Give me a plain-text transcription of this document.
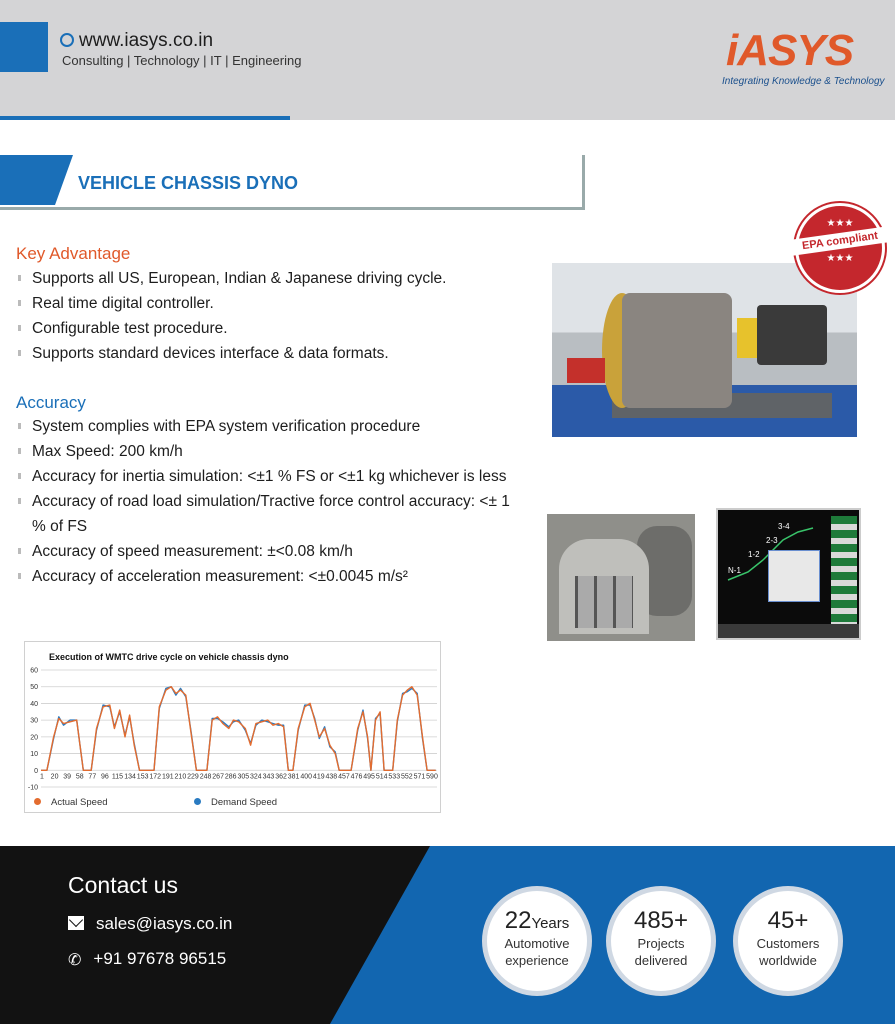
www.iasys.co.in
Consulting | Technology | IT | Engineering	iASYS
Integrating Knowledge & Technology
VEHICLE CHASSIS DYNO
Key Advantage
Supports all US, European, Indian & Japanese driving cycle.
Real time digital controller.
Configurable test procedure.
Supports standard devices interface & data formats.
Accuracy
System complies with EPA system verification procedure
Max Speed: 200 km/h
Accuracy for inertia simulation: <±1 % FS or <±1 kg whichever is less
Accuracy of road load simulation/Tractive force control accuracy: <± 1 % of FS
Accuracy of speed measurement: ±<0.08 km/h
Accuracy of acceleration measurement: <±0.0045 m/s²
★★★
EPA compliant
★★★
3-4
2-3
1-2
N-1
Execution of WMTC drive cycle on vehicle chassis dyno
-10
0
10
20
30
40
50
60
1 20 39 58 77 96 115 134 153 172 191 210 229 248 267 286 305 324 343 362 381 400 419 438 457 476 495 514 533 552 571 590
Actual Speed	Demand Speed
Contact us
sales@iasys.co.in
✆ +91 97678 96515
22Years
Automotive
experience
485+
Projects
delivered
45+
Customers
worldwide
